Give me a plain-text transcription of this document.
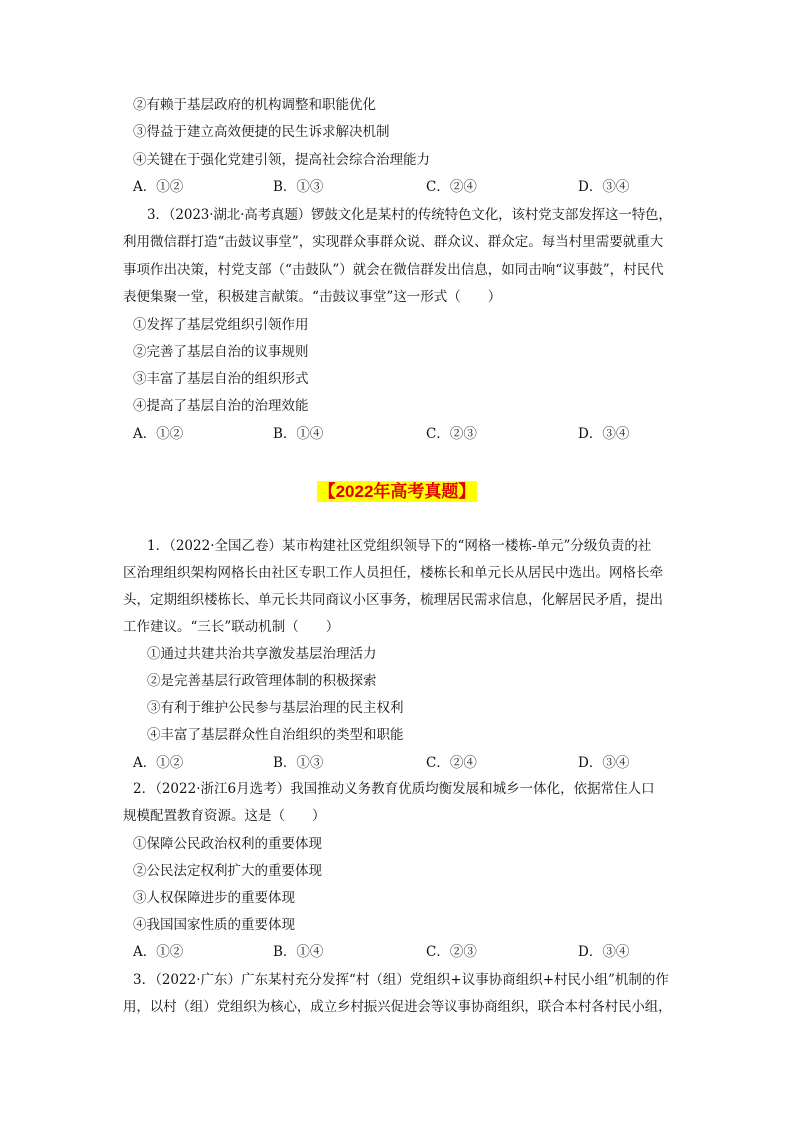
②有赖于基层政府的机构调整和职能优化
③得益于建立高效便捷的民生诉求解决机制
④关键在于强化党建引领，提高社会综合治理能力
A．①②	B．①③	C．②④	D．③④
3．（2023·湖北·高考真题）锣鼓文化是某村的传统特色文化，该村党支部发挥这一特色，
利用微信群打造“击鼓议事堂”，实现群众事群众说、群众议、群众定。每当村里需要就重大
事项作出决策，村党支部（“击鼓队”）就会在微信群发出信息，如同击响“议事鼓”，村民代
表便集聚一堂，积极建言献策。“击鼓议事堂”这一形式（　　）
①发挥了基层党组织引领作用
②完善了基层自治的议事规则
③丰富了基层自治的组织形式
④提高了基层自治的治理效能
A．①②	B．①④	C．②③	D．③④
【2022年高考真题】
1．（2022·全国乙卷）某市构建社区党组织领导下的“网格一楼栋-单元”分级负责的社
区治理组织架构网格长由社区专职工作人员担任，楼栋长和单元长从居民中选出。网格长牵
头，定期组织楼栋长、单元长共同商议小区事务，梳理居民需求信息，化解居民矛盾，提出
工作建议。“三长”联动机制（　　）
①通过共建共治共享激发基层治理活力
②是完善基层行政管理体制的积极探索
③有利于维护公民参与基层治理的民主权利
④丰富了基层群众性自治组织的类型和职能
A．①②	B．①③	C．②④	D．③④
2．（2022·浙江6月选考）我国推动义务教育优质均衡发展和城乡一体化，依据常住人口
规模配置教育资源。这是（　　）
①保障公民政治权利的重要体现
②公民法定权利扩大的重要体现
③人权保障进步的重要体现
④我国国家性质的重要体现
A．①②	B．①④	C．②③	D．③④
3．（2022·广东）广东某村充分发挥“村（组）党组织+议事协商组织+村民小组”机制的作
用，以村（组）党组织为核心，成立乡村振兴促进会等议事协商组织，联合本村各村民小组，
